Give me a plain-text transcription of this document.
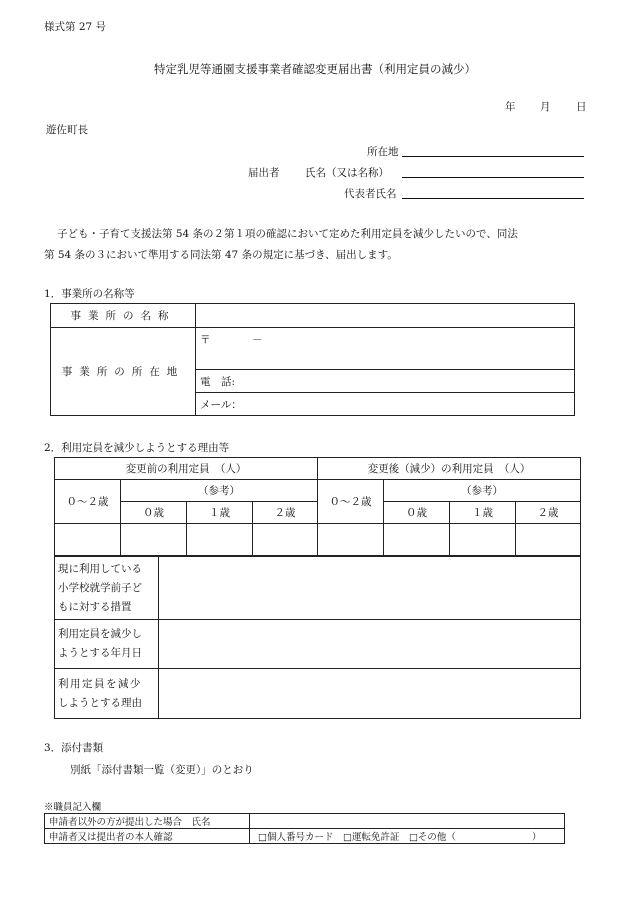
様式第 27 号
特定乳児等通園支援事業者確認変更届出書（利用定員の減少）
年 月 日
遊佐町長
所在地
届出者 氏名（又は名称）
代表者氏名
子ども・子育て支援法第 54 条の２第１項の確認において定めた利用定員を減少したいので、同法
第 54 条の３において準用する同法第 47 条の規定に基づき、届出します。
1．事業所の名称等
事業所の名称	
事業所の所在地	〒 －
	電　話:
	メール：
2．利用定員を減少しようとする理由等
変更前の利用定員　（人）				変更後（減少）の利用定員　（人）			
０～２歳	（参考）			０～２歳	（参考）		
	０歳	１歳	２歳		０歳	１歳	２歳

現に利用している
小学校就学前子ど
もに対する措置	

利用定員を減少し
ようとする年月日	

利用定員を減少
しようとする理由	

3．添付書類
別紙「添付書類一覧（変更）」のとおり
※職員記入欄
申請者以外の方が提出した場合　氏名	
申請者又は提出者の本人確認	□個人番号カード　□運転免許証　□その他（　　　　　　　　）
